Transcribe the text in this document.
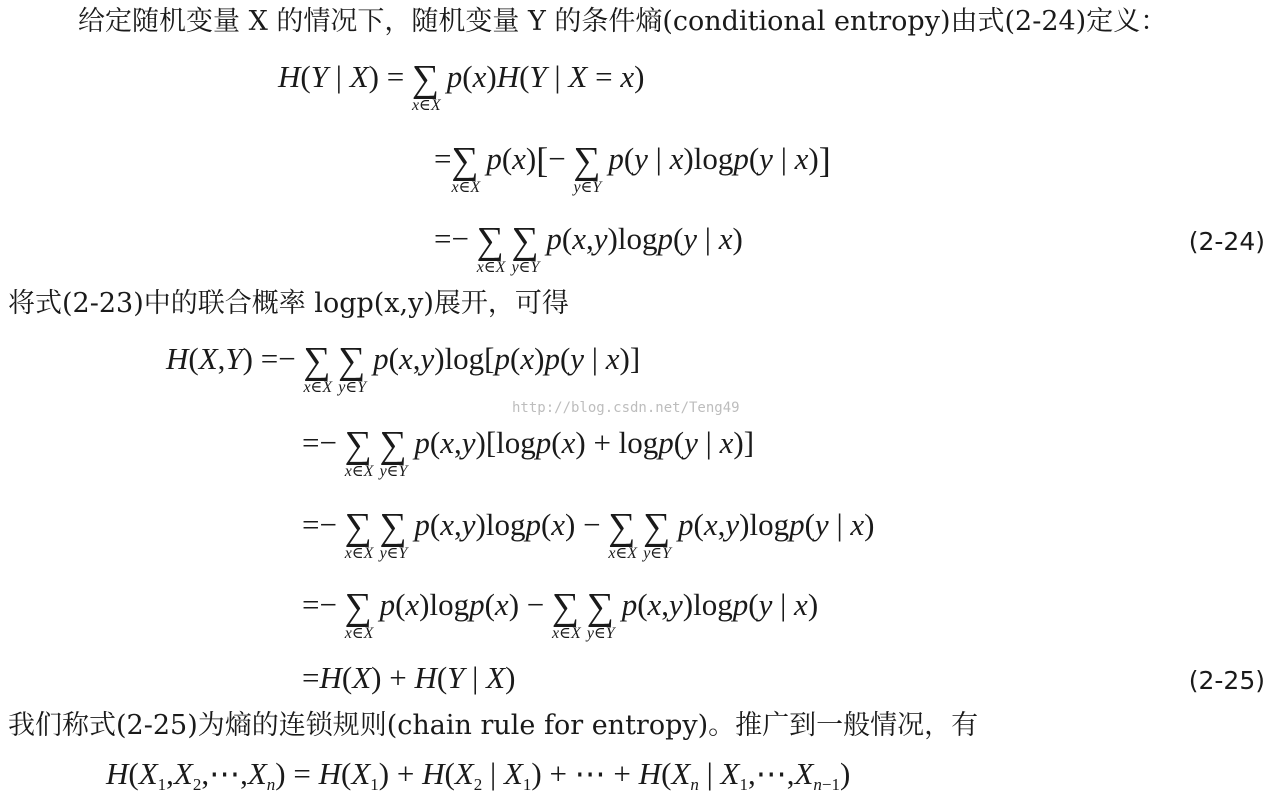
给定随机变量 X 的情况下，随机变量 Y 的条件熵(conditional entropy)由式(2-24)定义：
H(Y | X) = ∑
x∈X
p(x)H(Y | X = x)
=∑
x∈X
p(x)[− ∑
y∈Y
p(y | x)logp(y | x)]
=− ∑
x∈X
∑
y∈Y
p(x,y)logp(y | x)	(2-24)
将式(2-23)中的联合概率 logp(x,y)展开，可得
H(X,Y) =− ∑
x∈X
∑
y∈Y
p(x,y)log[p(x)p(y | x)]
http://blog.csdn.net/Teng49
=− ∑
x∈X
∑
y∈Y
p(x,y)[logp(x) + logp(y | x)]
=− ∑
x∈X
∑
y∈Y
p(x,y)logp(x) − ∑
x∈X
∑
y∈Y
p(x,y)logp(y | x)
=− ∑
x∈X
p(x)logp(x) − ∑
x∈X
∑
y∈Y
p(x,y)logp(y | x)
=H(X) + H(Y | X)	(2-25)
我们称式(2-25)为熵的连锁规则(chain rule for entropy)。推广到一般情况，有
H(X1,X2,⋯,Xn) = H(X1) + H(X2 | X1) + ⋯ + H(Xn | X1,⋯,Xn−1)
